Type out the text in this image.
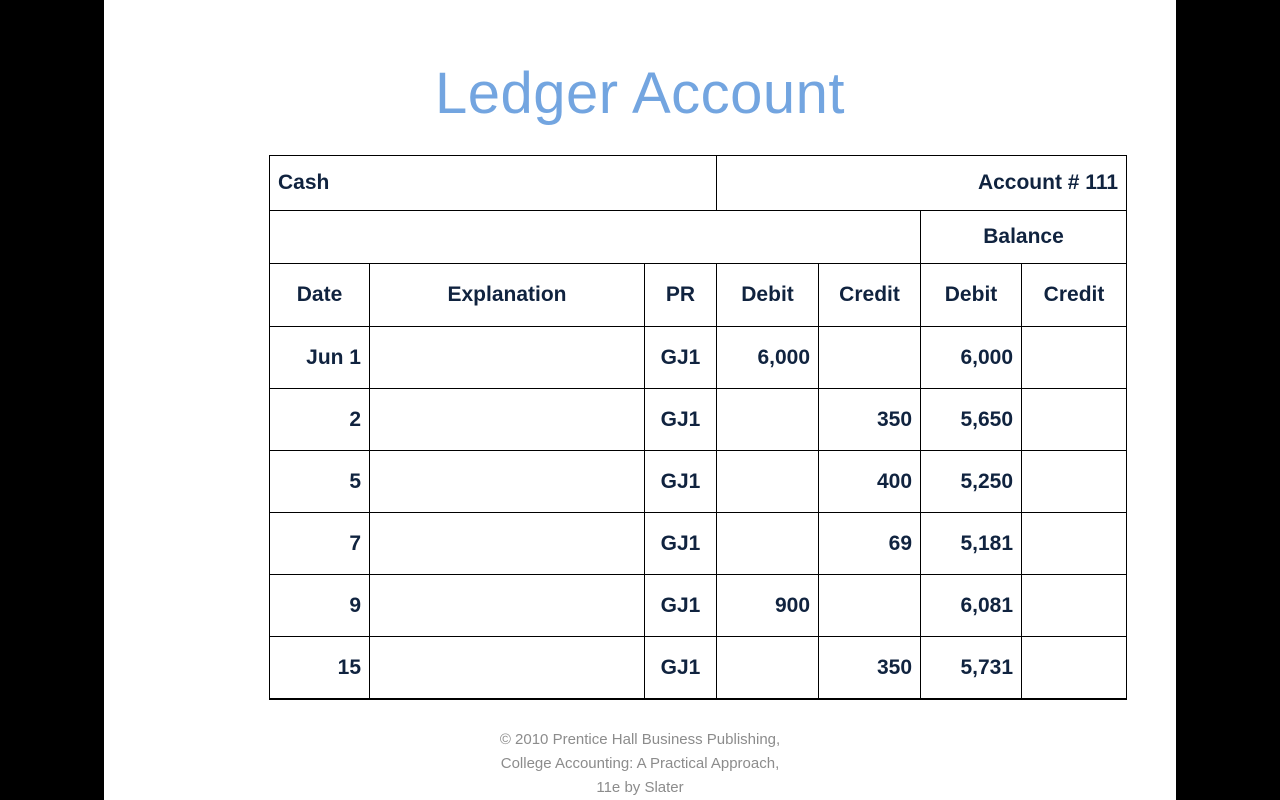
Ledger Account
Cash			Account # 111			
	Balance	
Date	Explanation	PR	Debit	Credit	Debit	Credit
Jun 1		GJ1	6,000		6,000	
2		GJ1		350	5,650	
5		GJ1		400	5,250	
7		GJ1		69	5,181	
9		GJ1	900		6,081	
15		GJ1		350	5,731	
© 2010 Prentice Hall Business Publishing,
College Accounting: A Practical Approach,
11e by Slater
